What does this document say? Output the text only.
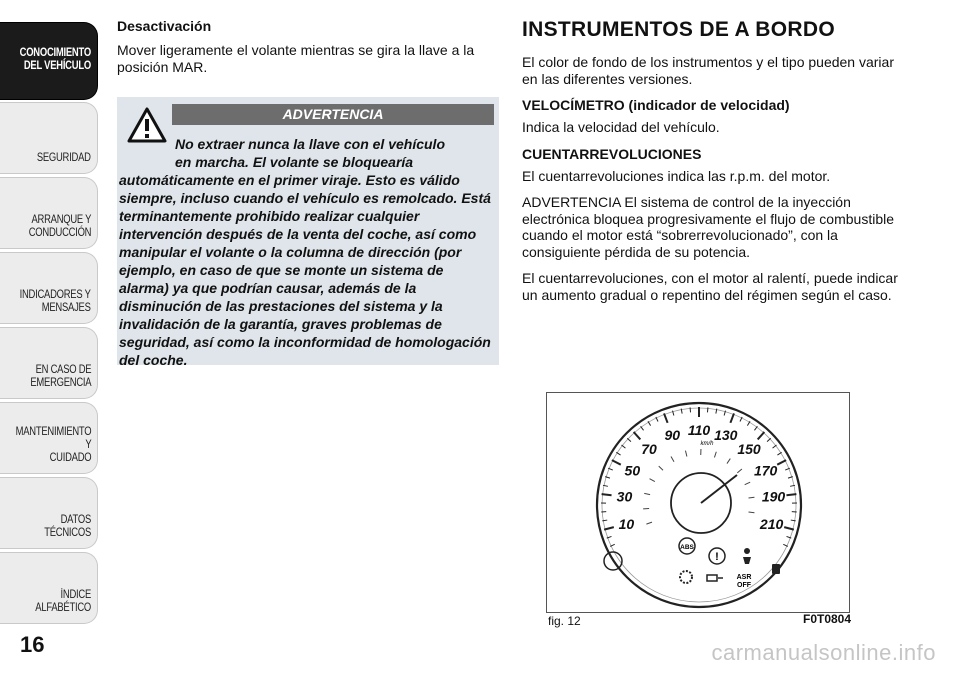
CONOCIMIENTO
DEL VEHÍCULO
SEGURIDAD
ARRANQUE Y
CONDUCCIÓN
INDICADORES Y
MENSAJES
EN CASO DE
EMERGENCIA
MANTENIMIENTO Y
CUIDADO
DATOS TÉCNICOS
ÍNDICE ALFABÉTICO
16
Desactivación

Mover ligeramente el volante mientras se gira la llave a la posición MAR.

ADVERTENCIA
No extraer nunca la llave con el vehículo
en marcha. El volante se bloquearía
automáticamente en el primer viraje. Esto es válido siempre, incluso cuando el vehículo es remolcado. Está terminantemente prohibido realizar cualquier intervención después de la venta del coche, así como manipular el volante o la columna de dirección (por ejemplo, en caso de que se monte un sistema de alarma) ya que podrían causar, además de la disminución de las prestaciones del sistema y la invalidación de la garantía, graves problemas de seguridad, así como la inconformidad de homologación del coche.
INSTRUMENTOS DE A BORDO

El color de fondo de los instrumentos y el tipo pueden variar en las diferentes versiones.

VELOCÍMETRO (indicador de velocidad)

Indica la velocidad del vehículo.

CUENTARREVOLUCIONES

El cuentarrevoluciones indica las r.p.m. del motor.

ADVERTENCIA El sistema de control de la inyección electrónica bloquea progresivamente el flujo de combustible cuando el motor está “sobrerrevolucionado”, con la consiguiente pérdida de su potencia.

El cuentarrevoluciones, con el motor al ralentí, puede indicar un aumento gradual o repentino del régimen según el caso.

10
30
50
70
90 110 130
150
170
190
210
km/h
ABS
!
ASR
OFF
fig. 12	F0T0804
carmanualsonline.info
